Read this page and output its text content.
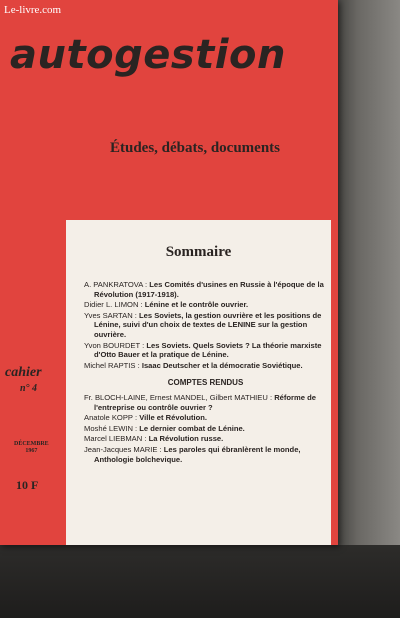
Le-livre.com
autogestion
Études, débats, documents
cahier
n° 4
DÉCEMBRE
1967
10 F
Sommaire
A. PANKRATOVA : Les Comités d'usines en Russie à l'époque de la Révolution (1917-1918).
Didier L. LIMON : Lénine et le contrôle ouvrier.
Yves SARTAN : Les Soviets, la gestion ouvrière et les positions de Lénine, suivi d'un choix de textes de LENINE sur la gestion ouvrière.
Yvon BOURDET : Les Soviets. Quels Soviets ? La théorie marxiste d'Otto Bauer et la pratique de Lénine.
Michel RAPTIS : Isaac Deutscher et la démocratie Soviétique.
COMPTES RENDUS
Fr. BLOCH-LAINE, Ernest MANDEL, Gilbert MATHIEU : Réforme de l'entreprise ou contrôle ouvrier ?
Anatole KOPP : Ville et Révolution.
Moshé LEWIN : Le dernier combat de Lénine.
Marcel LIEBMAN : La Révolution russe.
Jean-Jacques MARIE : Les paroles qui ébranlèrent le monde, Anthologie bolchevique.
